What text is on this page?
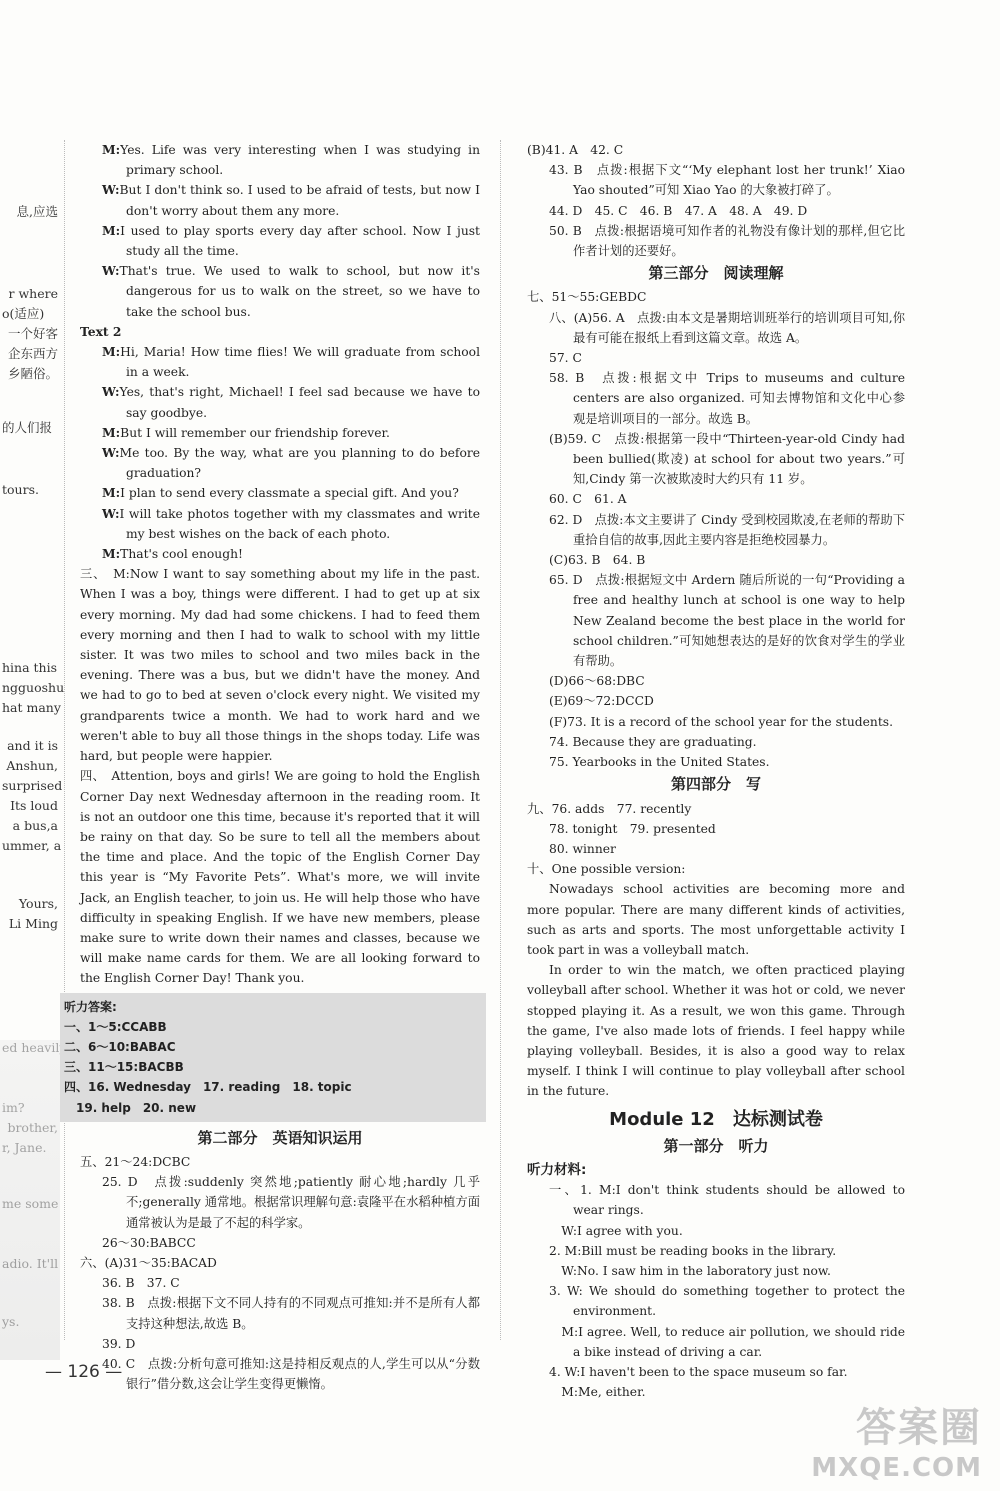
息,应选
r where
o(适应)
一个好客
企东西方
乡陋俗。
的人们报
tours.
hina this
ngguoshu
hat many
and it is
Anshun,
surprised
Its loud
a bus,a
ummer, a
Yours,
Li Ming

M:Yes. Life was very interesting when I was studying in primary school.

W:But I don't think so. I used to be afraid of tests, but now I don't worry about them any more.

M:I used to play sports every day after school. Now I just study all the time.

W:That's true. We used to walk to school, but now it's dangerous for us to walk on the street, so we have to take the school bus.

Text 2

M:Hi, Maria! How time flies! We will graduate from school in a week.

W:Yes, that's right, Michael! I feel sad because we have to say goodbye.

M:But I will remember our friendship forever.

W:Me too. By the way, what are you planning to do before graduation?

M:I plan to send every classmate a special gift. And you?

W:I will take photos together with my classmates and write my best wishes on the back of each photo.

M:That's cool enough!

三、　M:Now I want to say something about my life in the past. When I was a boy, things were different. I had to get up at six every morning. My dad had some chickens. I had to feed them every morning and then I had to walk to school with my little sister. It was two miles to school and two miles back in the evening. There was a bus, but we didn't have the money. And we had to go to bed at seven o'clock every night. We visited my grandparents twice a month. We had to work hard and we weren't able to buy all those things in the shops today. Life was hard, but people were happier.

四、　Attention, boys and girls! We are going to hold the English Corner Day next Wednesday afternoon in the reading room. It is not an outdoor one this time, because it's reported that it will be rainy on that day. So be sure to tell all the members about the time and place. And the topic of the English Corner Day this year is “My Favorite Pets”. What's more, we will invite Jack, an English teacher, to join us. He will help those who have difficulty in speaking English. If we have new members, please make sure to write down their names and classes, because we will make name cards for them. We are all looking forward to the English Corner Day! Thank you.

听力答案:

一、1～5:CCABB

二、6～10:BABAC

三、11～15:BACBB

四、16. Wednesday　17. reading　18. topic

　19. help　20. new

第二部分　英语知识运用

五、21～24:DCBC

25. D　点拨:suddenly 突然地;patiently 耐心地;hardly 几乎不;generally 通常地。根据常识理解句意:袁隆平在水稻种植方面通常被认为是最了不起的科学家。

26～30:BABCC

六、(A)31～35:BACAD

36. B　37. C

38. B　点拨:根据下文不同人持有的不同观点可推知:并不是所有人都支持这种想法,故选 B。

39. D

40. C　点拨:分析句意可推知:这是持相反观点的人,学生可以从“分数银行”借分数,这会让学生变得更懒惰。

(B)41. A　42. C

43. B　点拨:根据下文“‘My elephant lost her trunk!’ Xiao Yao shouted”可知 Xiao Yao 的大象被打碎了。

44. D　45. C　46. B　47. A　48. A　49. D

50. B　点拨:根据语境可知作者的礼物没有像计划的那样,但它比作者计划的还要好。

第三部分　阅读理解

七、51～55:GEBDC

八、(A)56. A　点拨:由本文是暑期培训班举行的培训项目可知,你最有可能在报纸上看到这篇文章。故选 A。

57. C

58. B　点拨:根据文中 Trips to museums and culture centers are also organized. 可知去博物馆和文化中心参观是培训项目的一部分。故选 B。

(B)59. C　点拨:根据第一段中“Thirteen-year-old Cindy had been bullied(欺凌) at school for about two years.”可知,Cindy 第一次被欺凌时大约只有 11 岁。

60. C　61. A

62. D　点拨:本文主要讲了 Cindy 受到校园欺凌,在老师的帮助下重拾自信的故事,因此主要内容是拒绝校园暴力。

(C)63. B　64. B

65. D　点拨:根据短文中 Ardern 随后所说的一句“Providing a free and healthy lunch at school is one way to help New Zealand become the best place in the world for school children.”可知她想表达的是好的饮食对学生的学业有帮助。

(D)66～68:DBC

(E)69～72:DCCD

(F)73. It is a record of the school year for the students.

74. Because they are graduating.

75. Yearbooks in the United States.

第四部分　写

九、76. adds　77. recently

78. tonight　79. presented

80. winner

十、One possible version:

Nowadays school activities are becoming more and more popular. There are many different kinds of activities, such as arts and sports. The most unforgettable activity I took part in was a volleyball match.

In order to win the match, we often practiced playing volleyball after school. Whether it was hot or cold, we never stopped playing it. As a result, we won this game. Through the game, I've also made lots of friends. I feel happy while playing volleyball. Besides, it is also a good way to relax myself. I think I will continue to play volleyball after school in the future.

Module 12　达标测试卷
第一部分　听力
听力材料:

一、1. M:I don't think students should be allowed to wear rings.

　W:I agree with you.

2. M:Bill must be reading books in the library.

　W:No. I saw him in the laboratory just now.

3. W: We should do something together to protect the environment.

　M:I agree. Well, to reduce air pollution, we should ride a bike instead of driving a car.

4. W:I haven't been to the space museum so far.

　M:Me, either.

— 126 —
答案圈
MXQE.COM
